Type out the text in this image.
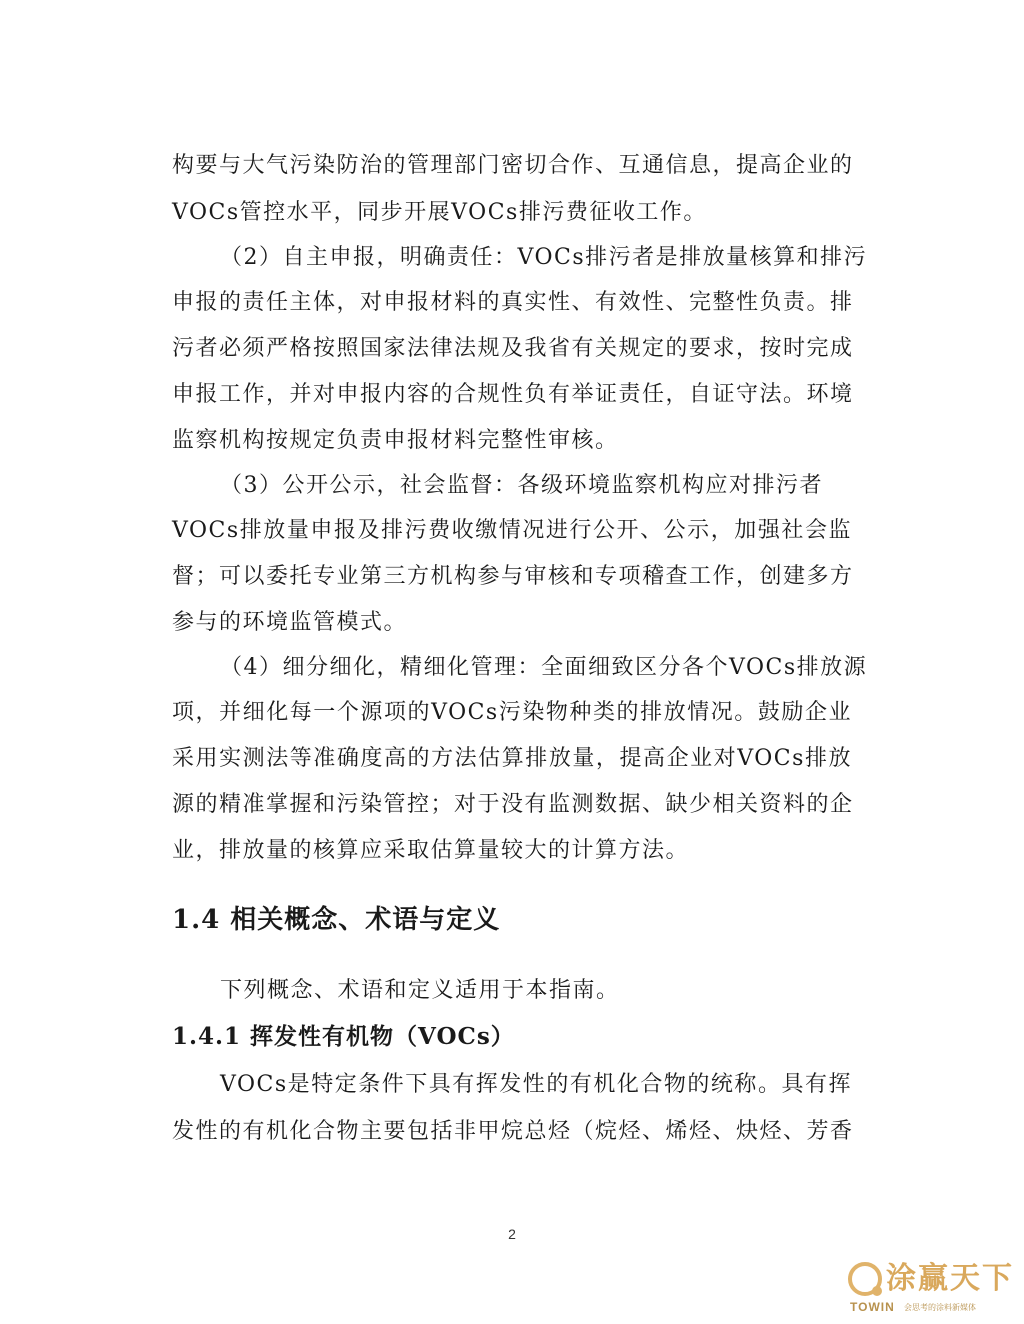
构要与大气污染防治的管理部门密切合作、互通信息，提高企业的
VOCs管控水平，同步开展VOCs排污费征收工作。
（2）自主申报，明确责任：VOCs排污者是排放量核算和排污
申报的责任主体，对申报材料的真实性、有效性、完整性负责。排
污者必须严格按照国家法律法规及我省有关规定的要求，按时完成
申报工作，并对申报内容的合规性负有举证责任，自证守法。环境
监察机构按规定负责申报材料完整性审核。
（3）公开公示，社会监督：各级环境监察机构应对排污者
VOCs排放量申报及排污费收缴情况进行公开、公示，加强社会监
督；可以委托专业第三方机构参与审核和专项稽查工作，创建多方
参与的环境监管模式。
（4）细分细化，精细化管理：全面细致区分各个VOCs排放源
项，并细化每一个源项的VOCs污染物种类的排放情况。鼓励企业
采用实测法等准确度高的方法估算排放量，提高企业对VOCs排放
源的精准掌握和污染管控；对于没有监测数据、缺少相关资料的企
业，排放量的核算应采取估算量较大的计算方法。
1.4 相关概念、术语与定义
下列概念、术语和定义适用于本指南。
1.4.1 挥发性有机物（VOCs）
VOCs是特定条件下具有挥发性的有机化合物的统称。具有挥
发性的有机化合物主要包括非甲烷总烃（烷烃、烯烃、炔烃、芳香
2
涂赢天下
TOWIN 会思考的涂料新媒体
